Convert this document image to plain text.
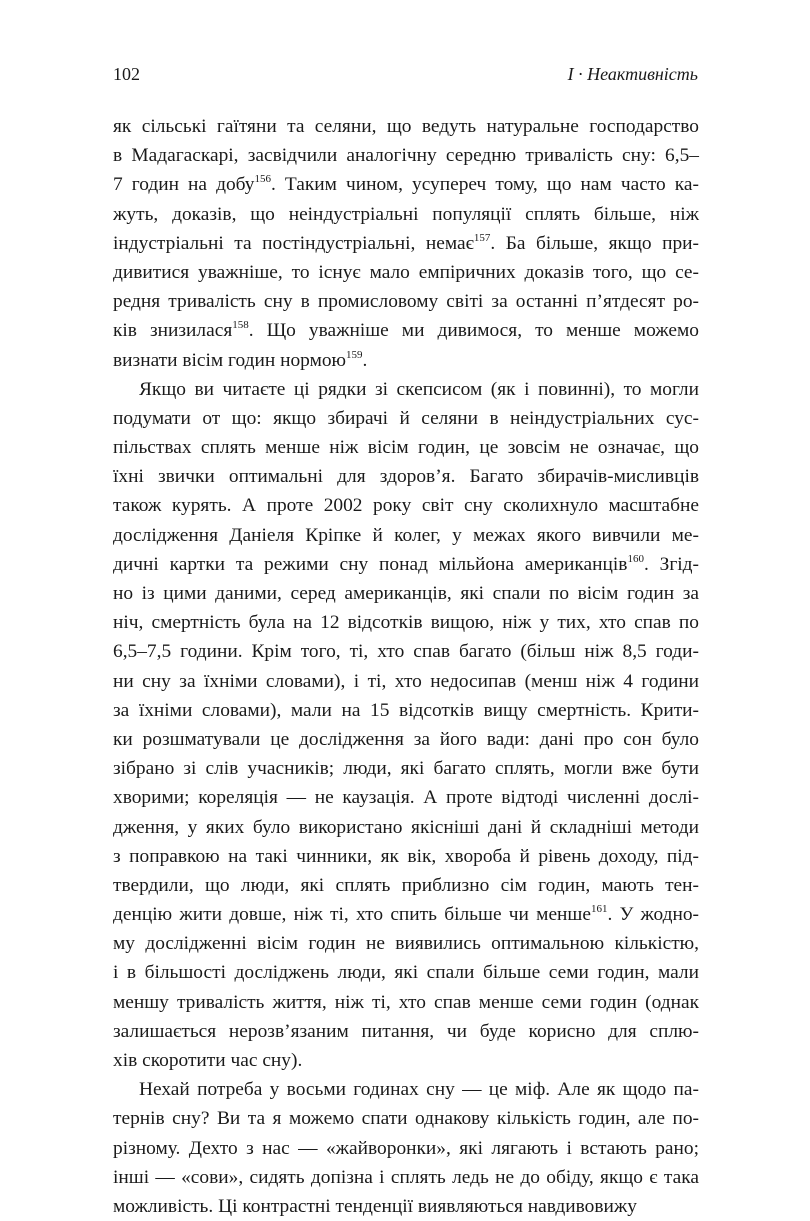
102	I · Неактивність
як сільські гаїтяни та селяни, що ведуть натуральне господарство
в Мадагаскарі, засвідчили аналогічну середню тривалість сну: 6,5–
7 годин на добу$^{156}$. Таким чином, усупереч тому, що нам часто ка-
жуть, доказів, що неіндустріальні популяції сплять більше, ніж
індустріальні та постіндустріальні, немає$^{157}$. Ба більше, якщо при-
дивитися уважніше, то існує мало емпіричних доказів того, що се-
редня тривалість сну в промисловому світі за останні п’ятдесят ро-
ків знизилася$^{158}$. Що уважніше ми дивимося, то менше можемо
визнати вісім годин нормою$^{159}$.
Якщо ви читаєте ці рядки зі скепсисом (як і повинні), то могли
подумати от що: якщо збирачі й селяни в неіндустріальних сус-
пільствах сплять менше ніж вісім годин, це зовсім не означає, що
їхні звички оптимальні для здоров’я. Багато збирачів-мисливців
також курять. А проте 2002 року світ сну сколихнуло масштабне
дослідження Даніеля Кріпке й колег, у межах якого вивчили ме-
дичні картки та режими сну понад мільйона американців$^{160}$. Згід-
но із цими даними, серед американців, які спали по вісім годин за
ніч, смертність була на 12 відсотків вищою, ніж у тих, хто спав по
6,5–7,5 години. Крім того, ті, хто спав багато (більш ніж 8,5 годи-
ни сну за їхніми словами), і ті, хто недосипав (менш ніж 4 години
за їхніми словами), мали на 15 відсотків вищу смертність. Крити-
ки розшматували це дослідження за його вади: дані про сон було
зібрано зі слів учасників; люди, які багато сплять, могли вже бути
хворими; кореляція — не каузація. А проте відтоді численні дослі-
дження, у яких було використано якісніші дані й складніші методи
з поправкою на такі чинники, як вік, хвороба й рівень доходу, під-
твердили, що люди, які сплять приблизно сім годин, мають тен-
денцію жити довше, ніж ті, хто спить більше чи менше$^{161}$. У жодно-
му дослідженні вісім годин не виявились оптимальною кількістю,
і в більшості досліджень люди, які спали більше семи годин, мали
меншу тривалість життя, ніж ті, хто спав менше семи годин (однак
залишається нерозв’язаним питання, чи буде корисно для сплю-
хів скоротити час сну).
Нехай потреба у восьми годинах сну — це міф. Але як щодо па-
тернів сну? Ви та я можемо спати однакову кількість годин, але по-
різному. Дехто з нас — «жайворонки», які лягають і встають рано;
інші — «сови», сидять допізна і сплять ледь не до обіду, якщо є така
можливість. Ці контрастні тенденції виявляються навдивовижу
